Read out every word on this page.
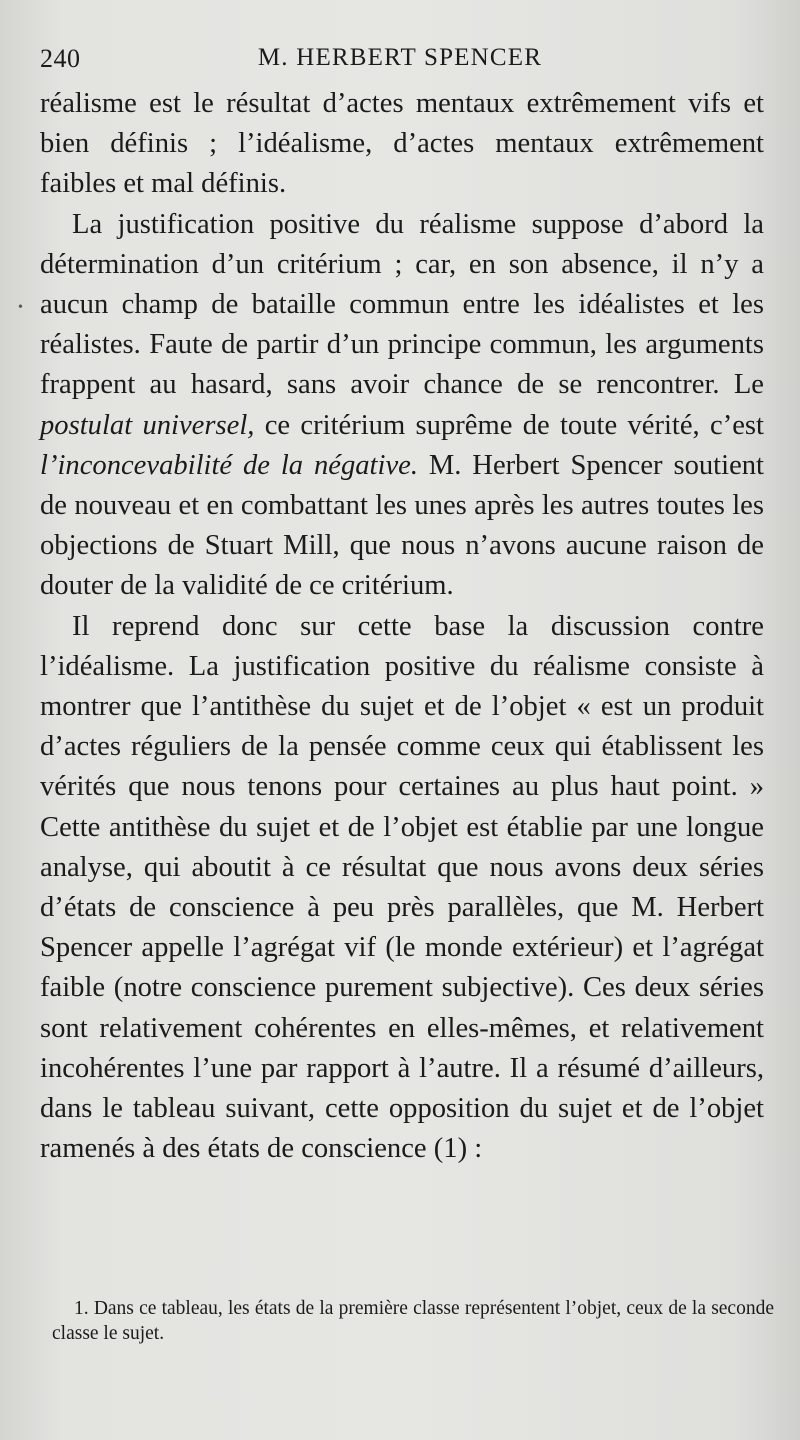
240	M. HERBERT SPENCER
•

réalisme est le résultat d’actes mentaux extrêmement vifs et bien définis ; l’idéalisme, d’actes mentaux extrêmement faibles et mal définis.

La justification positive du réalisme suppose d’abord la détermination d’un critérium ; car, en son absence, il n’y a aucun champ de bataille commun entre les idéalistes et les réalistes. Faute de partir d’un principe commun, les arguments frappent au hasard, sans avoir chance de se rencontrer. Le postulat universel, ce critérium suprême de toute vérité, c’est l’inconcevabilité de la négative. M. Herbert Spencer soutient de nouveau et en combattant les unes après les autres toutes les objections de Stuart Mill, que nous n’avons aucune raison de douter de la validité de ce critérium.

Il reprend donc sur cette base la discussion contre l’idéalisme. La justification positive du réalisme consiste à montrer que l’antithèse du sujet et de l’objet « est un produit d’actes réguliers de la pensée comme ceux qui établissent les vérités que nous tenons pour certaines au plus haut point. » Cette antithèse du sujet et de l’objet est établie par une longue analyse, qui aboutit à ce résultat que nous avons deux séries d’états de conscience à peu près parallèles, que M. Herbert Spencer appelle l’agrégat vif (le monde extérieur) et l’agrégat faible (notre conscience purement subjective). Ces deux séries sont relativement cohérentes en elles-mêmes, et relativement incohérentes l’une par rapport à l’autre. Il a résumé d’ailleurs, dans le tableau suivant, cette opposition du sujet et de l’objet ramenés à des états de conscience (1) :

1. Dans ce tableau, les états de la première classe représentent l’objet, ceux de la seconde classe le sujet.
